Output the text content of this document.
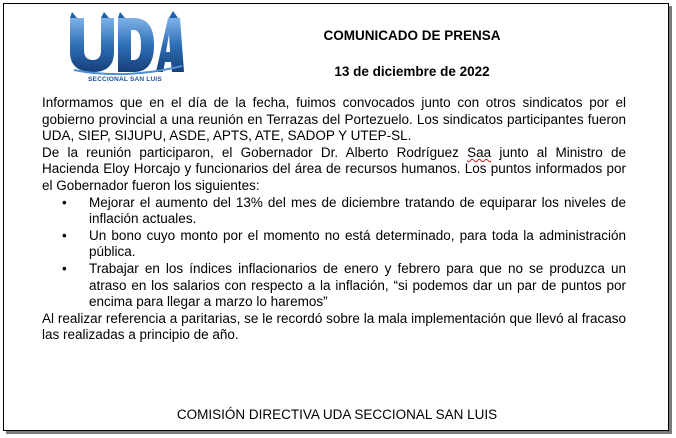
SECCIONAL SAN LUIS
COMUNICADO DE PRENSA
13 de diciembre de 2022

Informamos que en el día de la fecha, fuimos convocados junto con otros sindicatos por el gobierno provincial a una reunión en Terrazas del Portezuelo. Los sindicatos participantes fueron UDA, SIEP, SIJUPU, ASDE, APTS, ATE, SADOP Y UTEP-SL.

De la reunión participaron, el Gobernador Dr. Alberto Rodríguez Saa junto al Ministro de Hacienda Eloy Horcajo y funcionarios del área de recursos humanos. Los puntos informados por el Gobernador fueron los siguientes:

• Mejorar el aumento del 13% del mes de diciembre tratando de equiparar los niveles de inflación actuales.
• Un bono cuyo monto por el momento no está determinado, para toda la administración pública.
• Trabajar en los índices inflacionarios de enero y febrero para que no se produzca un atraso en los salarios con respecto a la inflación, “si podemos dar un par de puntos por encima para llegar a marzo lo haremos”

Al realizar referencia a paritarias, se le recordó sobre la mala implementación que llevó al fracaso las realizadas a principio de año.

COMISIÓN DIRECTIVA UDA SECCIONAL SAN LUIS
